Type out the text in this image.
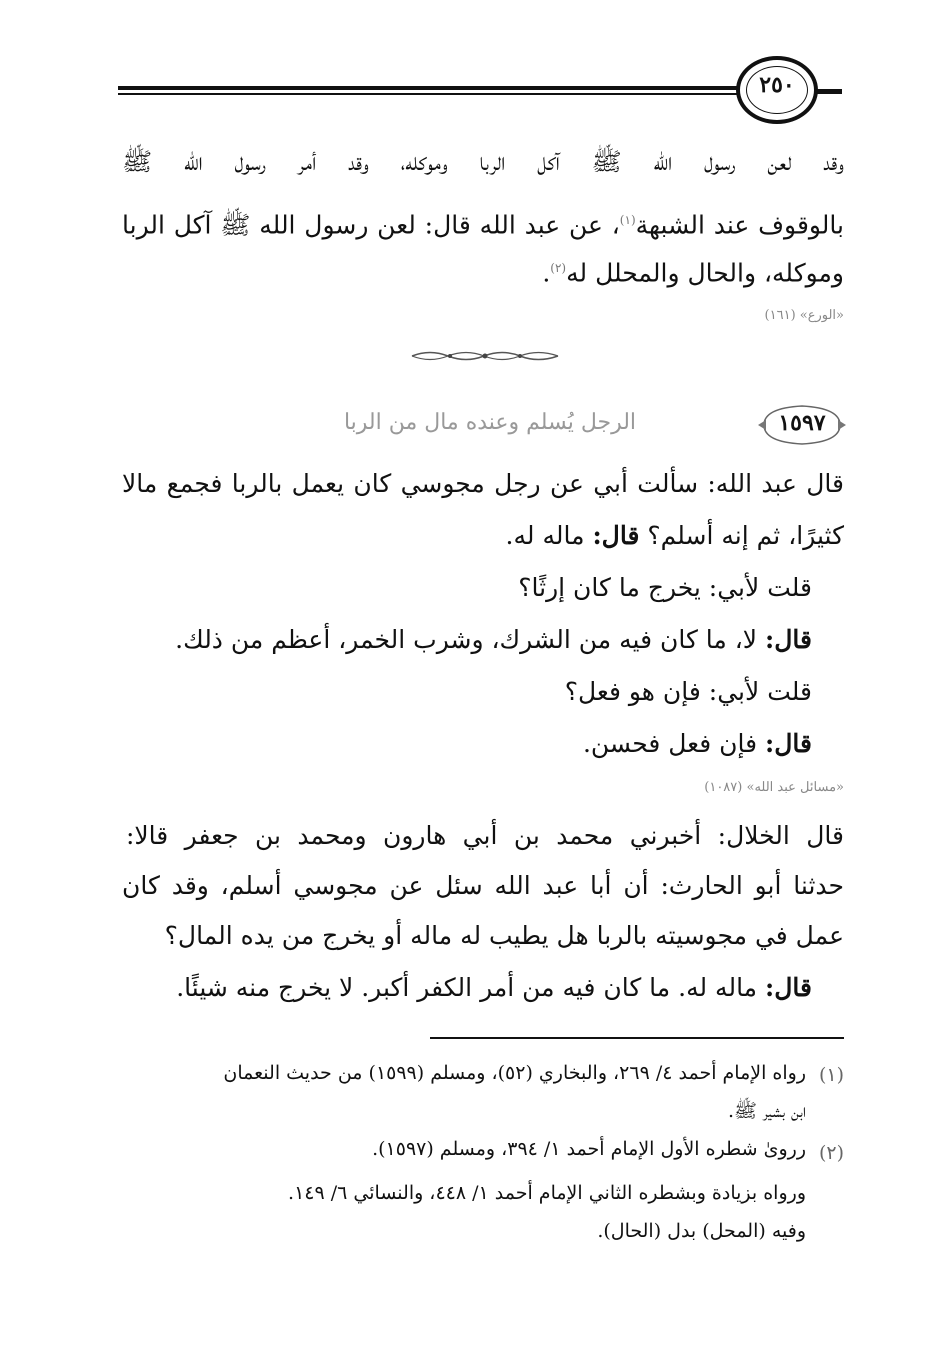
٢٥٠
وقد لعن رسول الله ﷺ آكل الربا وموكله، وقد أمر رسول الله ﷺ
بالوقوف عند الشبهة$^{(١)}$، عن عبد الله قال: لعن رسول الله ﷺ آكل الربا
وموكله، والحال والمحلل له$^{(٢)}$.
«الورع» (١٦١)
الرجل يُسلم وعنده مال من الربا	١٥٩٧
قال عبد الله: سألت أبي عن رجل مجوسي كان يعمل بالربا فجمع مالا
كثيرًا، ثم إنه أسلم؟ قال: ماله له.
قلت لأبي: يخرج ما كان إرثًا؟
قال: لا، ما كان فيه من الشرك، وشرب الخمر، أعظم من ذلك.
قلت لأبي: فإن هو فعل؟
قال: فإن فعل فحسن.
«مسائل عبد الله» (١٠٨٧)
قال الخلال: أخبرني محمد بن أبي هارون ومحمد بن جعفر قالا:
حدثنا أبو الحارث: أن أبا عبد الله سئل عن مجوسي أسلم، وقد كان
عمل في مجوسيته بالربا هل يطيب له ماله أو يخرج من يده المال؟
قال: ماله له. ما كان فيه من أمر الكفر أكبر. لا يخرج منه شيئًا.
(١)
رواه الإمام أحمد ٤/ ٢٦٩، والبخاري (٥٢)، ومسلم (١٥٩٩) من حديث النعمان
ابن بشير ﷺ.
(٢)
رروىٰ شطره الأول الإمام أحمد ١/ ٣٩٤، ومسلم (١٥٩٧).
ورواه بزيادة وبشطره الثاني الإمام أحمد ١/ ٤٤٨، والنسائي ٦/ ١٤٩.
وفيه (المحل) بدل (الحال).
